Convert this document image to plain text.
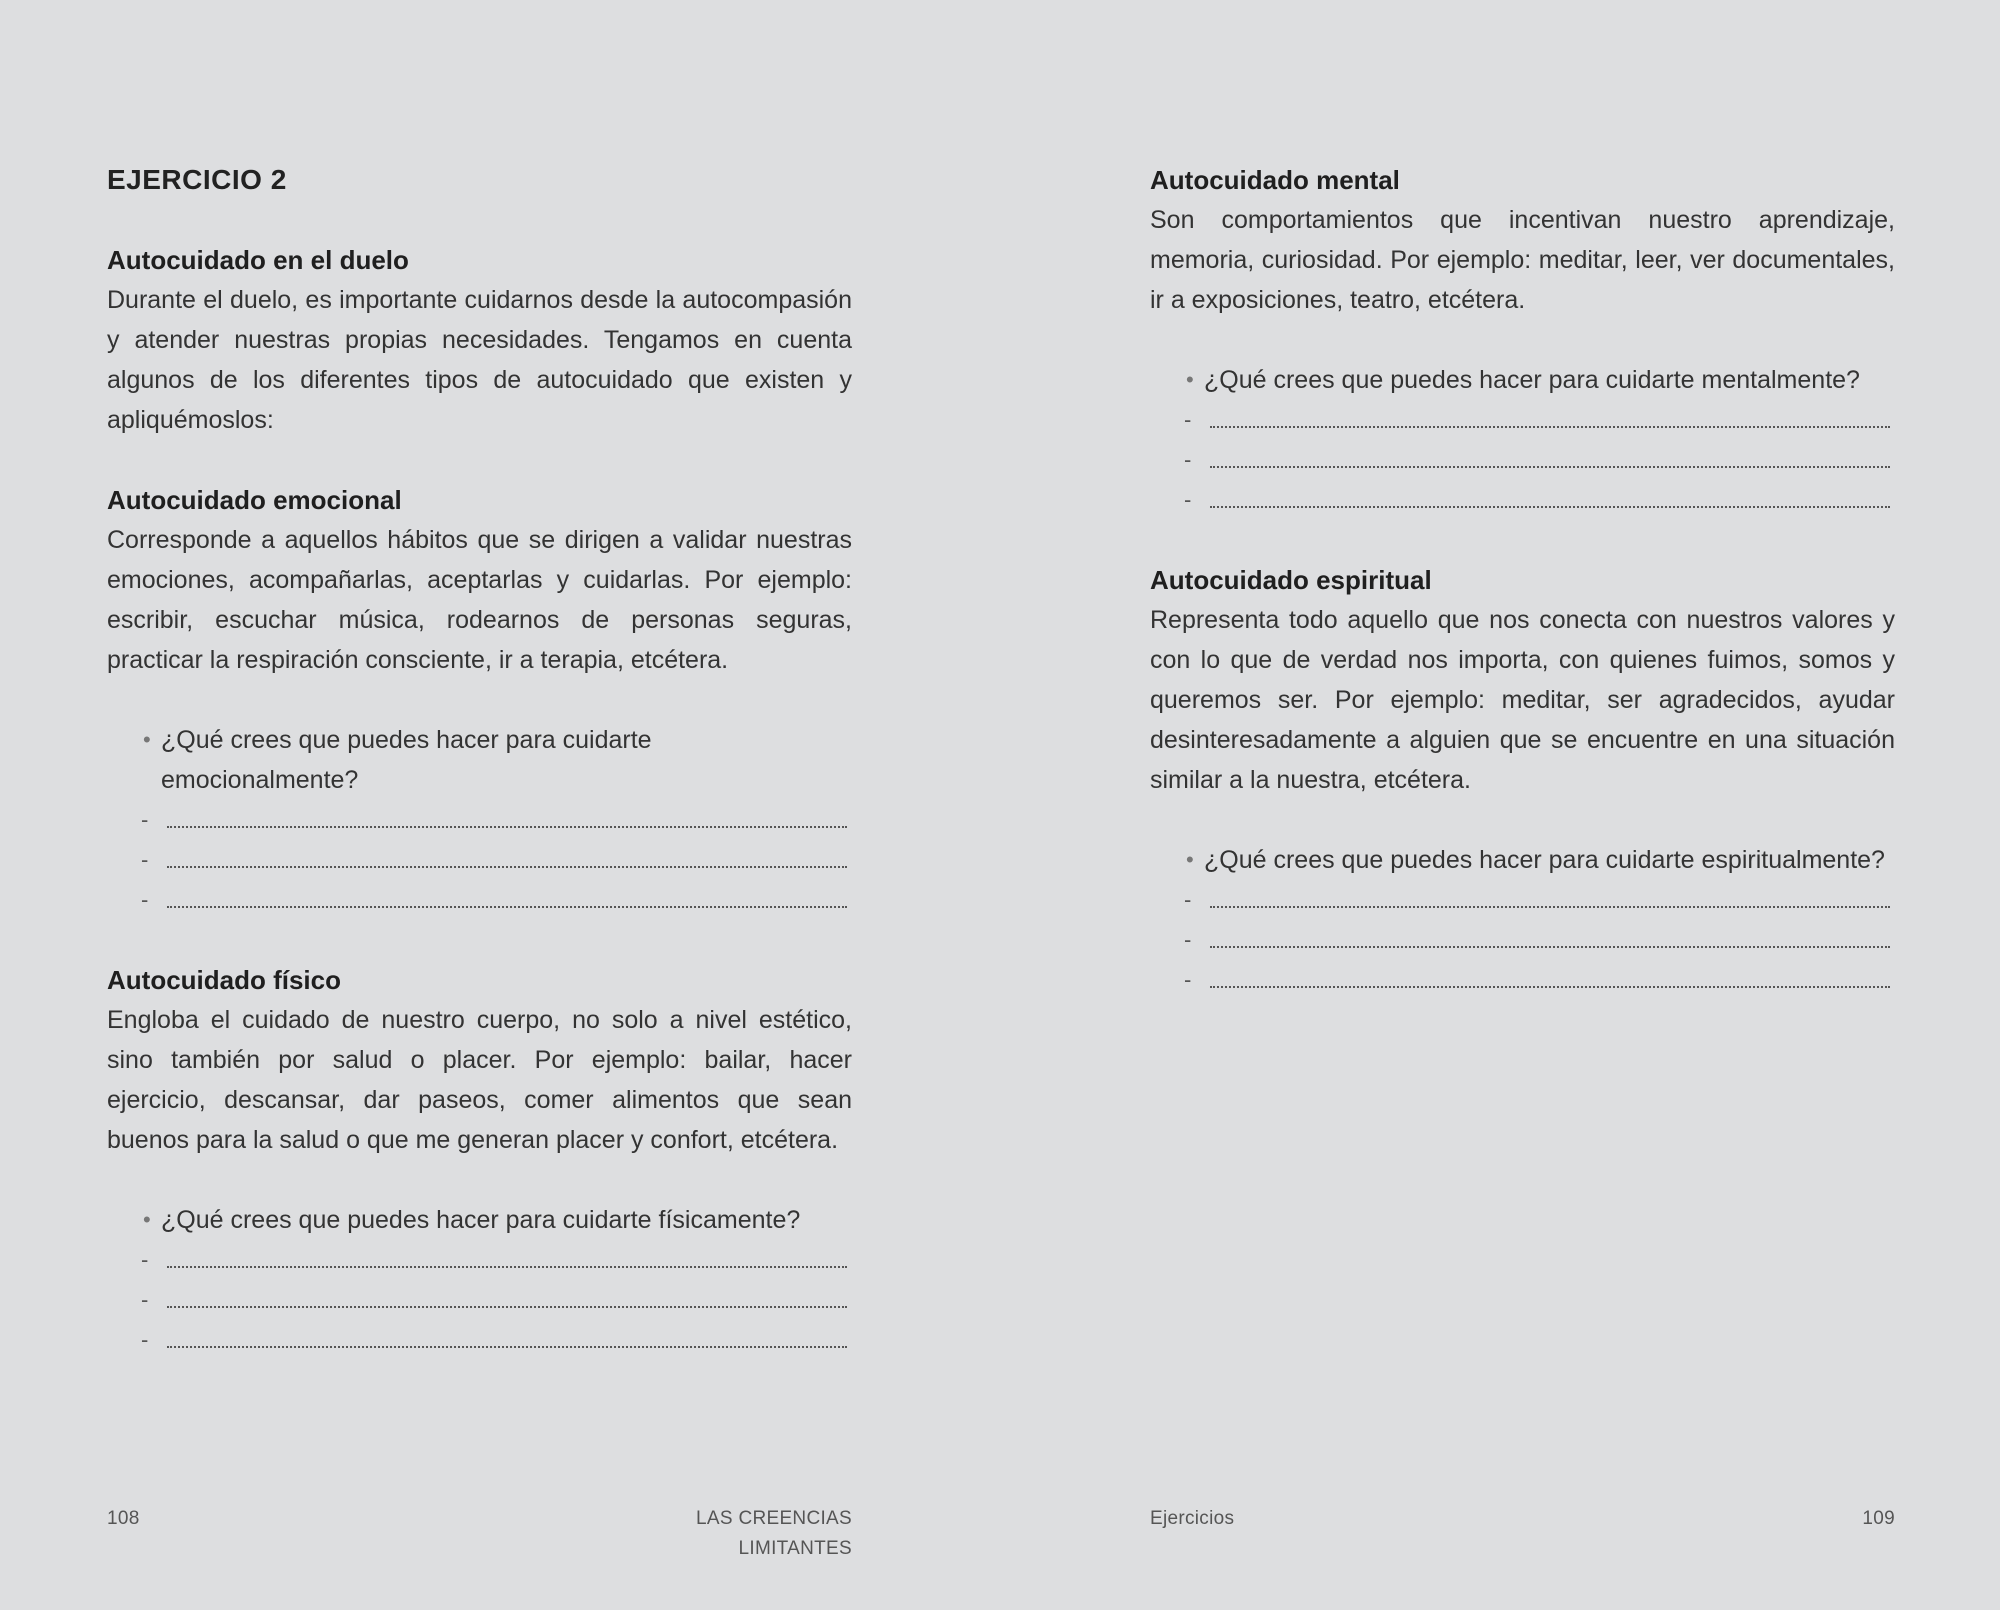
EJERCICIO 2
Autocuidado en el duelo

Durante el duelo, es importante cuidarnos desde la autocompasión y atender nuestras propias necesidades. Tengamos en cuenta algunos de los diferentes tipos de autocuidado que existen y apliquémoslos:

Autocuidado emocional

Corresponde a aquellos hábitos que se dirigen a validar nuestras emociones, acompañarlas, aceptarlas y cuidarlas. Por ejemplo: escribir, escuchar música, rodearnos de personas seguras, practicar la respiración consciente, ir a terapia, etcétera.

• ¿Qué crees que puedes hacer para cuidarte emocionalmente?

-
-
-
Autocuidado físico

Engloba el cuidado de nuestro cuerpo, no solo a nivel estético, sino también por salud o placer. Por ejemplo: bailar, hacer ejercicio, descansar, dar paseos, comer alimentos que sean buenos para la salud o que me generan placer y confort, etcétera.

• ¿Qué crees que puedes hacer para cuidarte físicamente?

-
-
-
108	LAS CREENCIAS LIMITANTES
Autocuidado mental

Son comportamientos que incentivan nuestro aprendizaje, memoria, curiosidad. Por ejemplo: meditar, leer, ver documentales, ir a exposiciones, teatro, etcétera.

• ¿Qué crees que puedes hacer para cuidarte mentalmente?

-
-
-
Autocuidado espiritual

Representa todo aquello que nos conecta con nuestros valores y con lo que de verdad nos importa, con quienes fuimos, somos y queremos ser. Por ejemplo: meditar, ser agradecidos, ayudar desinteresadamente a alguien que se encuentre en una situación similar a la nuestra, etcétera.

• ¿Qué crees que puedes hacer para cuidarte espiritualmente?

-
-
-
Ejercicios	109
